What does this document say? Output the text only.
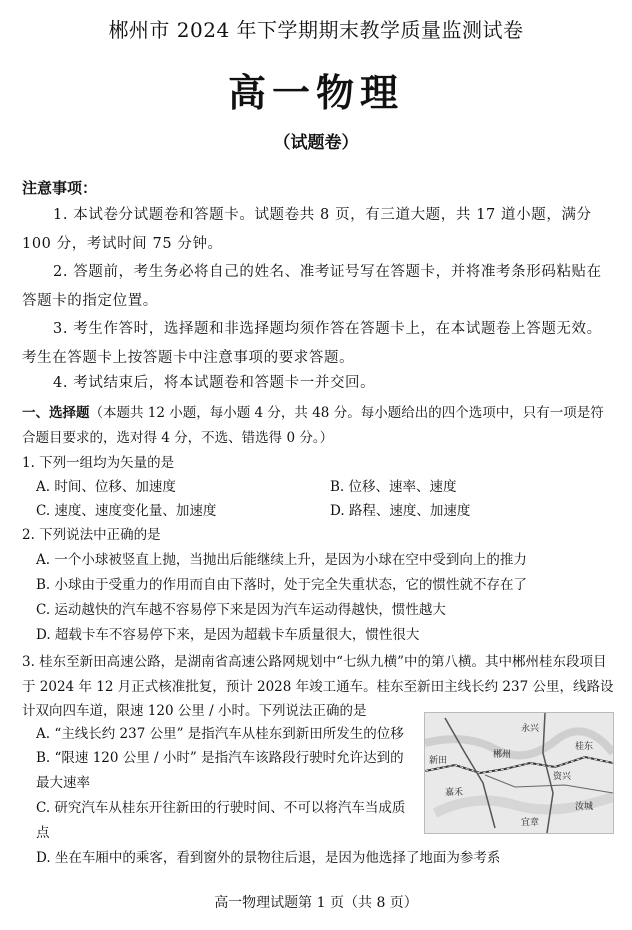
郴州市 2024 年下学期期末教学质量监测试卷
高一物理
（试题卷）
注意事项：

1. 本试卷分试题卷和答题卡。试题卷共 8 页，有三道大题，共 17 道小题，满分 100 分，考试时间 75 分钟。

2. 答题前，考生务必将自己的姓名、准考证号写在答题卡，并将准考条形码粘贴在答题卡的指定位置。

3. 考生作答时，选择题和非选择题均须作答在答题卡上，在本试题卷上答题无效。考生在答题卡上按答题卡中注意事项的要求答题。

4. 考试结束后，将本试题卷和答题卡一并交回。

一、选择题（本题共 12 小题，每小题 4 分，共 48 分。每小题给出的四个选项中，只有一项是符合题目要求的，选对得 4 分，不选、错选得 0 分。）

1. 下列一组均为矢量的是
A. 时间、位移、加速度	B. 位移、速率、速度
C. 速度、速度变化量、加速度	D. 路程、速度、加速度
2. 下列说法中正确的是
A. 一个小球被竖直上抛，当抛出后能继续上升，是因为小球在空中受到向上的推力
B. 小球由于受重力的作用而自由下落时，处于完全失重状态，它的惯性就不存在了
C. 运动越快的汽车越不容易停下来是因为汽车运动得越快，惯性越大
D. 超载卡车不容易停下来，是因为超载卡车质量很大，惯性很大
3. 桂东至新田高速公路，是湖南省高速公路网规划中“七纵九横”中的第八横。其中郴州桂东段项目于 2024 年 12 月正式核准批复，预计 2028 年竣工通车。桂东至新田主线长约 237 公里，线路设计双向四车道，限速 120 公里 / 小时。下列说法正确的是
A. “主线长约 237 公里” 是指汽车从桂东到新田所发生的位移
B. “限速 120 公里 / 小时” 是指汽车该路段行驶时允许达到的最大速率
C. 研究汽车从桂东开往新田的行驶时间、不可以将汽车当成质点
D. 坐在车厢中的乘客，看到窗外的景物往后退，是因为他选择了地面为参考系
郴州
桂东
新田
宜章
汝城
嘉禾
永兴
资兴
高一物理试题第 1 页（共 8 页）
